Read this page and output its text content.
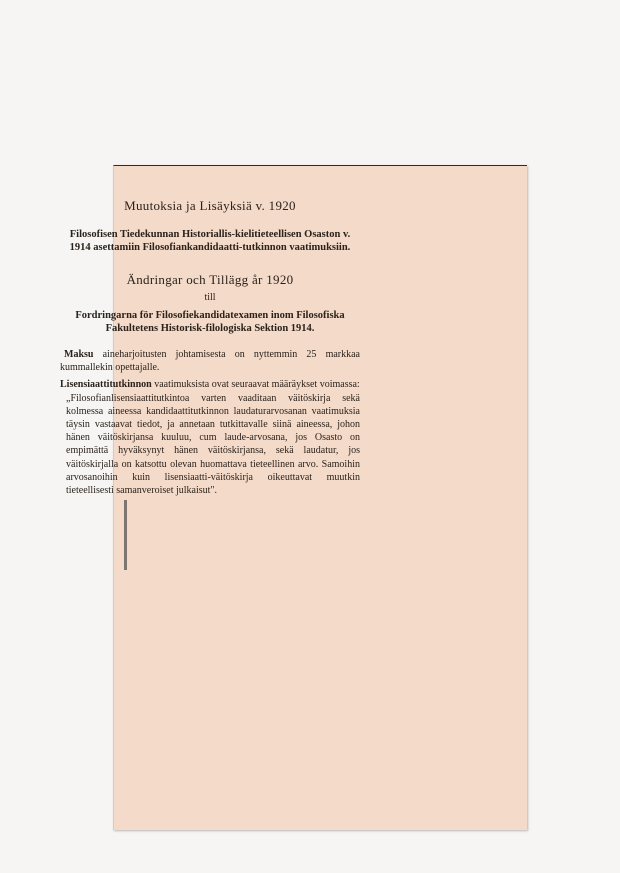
Muutoksia ja Lisäyksiä v. 1920
Filosofisen Tiedekunnan Historiallis-kielitieteellisen Osaston v. 1914 asettamiin Filosofiankandidaatti-tutkinnon vaatimuksiin.
Ändringar och Tillägg år 1920
till
Fordringarna för Filosofiekandidatexamen inom Filosofiska Fakultetens Historisk-filologiska Sektion 1914.

Maksu aineharjoitusten johtamisesta on nyttemmin 25 markkaa kummallekin opettajalle.

Lisensiaattitutkinnon vaatimuksista ovat seuraavat määräykset voimassa:

„Filosofianlisensiaattitutkintoa varten vaaditaan väitöskirja sekä kolmessa aineessa kandidaattitutkinnon laudaturarvosanan vaatimuksia täysin vastaavat tiedot, ja annetaan tutkittavalle siinä aineessa, johon hänen väitöskirjansa kuuluu, cum laude-arvosana, jos Osasto on empimättä hyväksynyt hänen väitöskirjansa, sekä laudatur, jos väitöskirjalla on katsottu olevan huomattava tieteellinen arvo. Samoihin arvosanoihin kuin lisensiaatti-väitöskirja oikeuttavat muutkin tieteellisesti samanveroiset julkaisut".
